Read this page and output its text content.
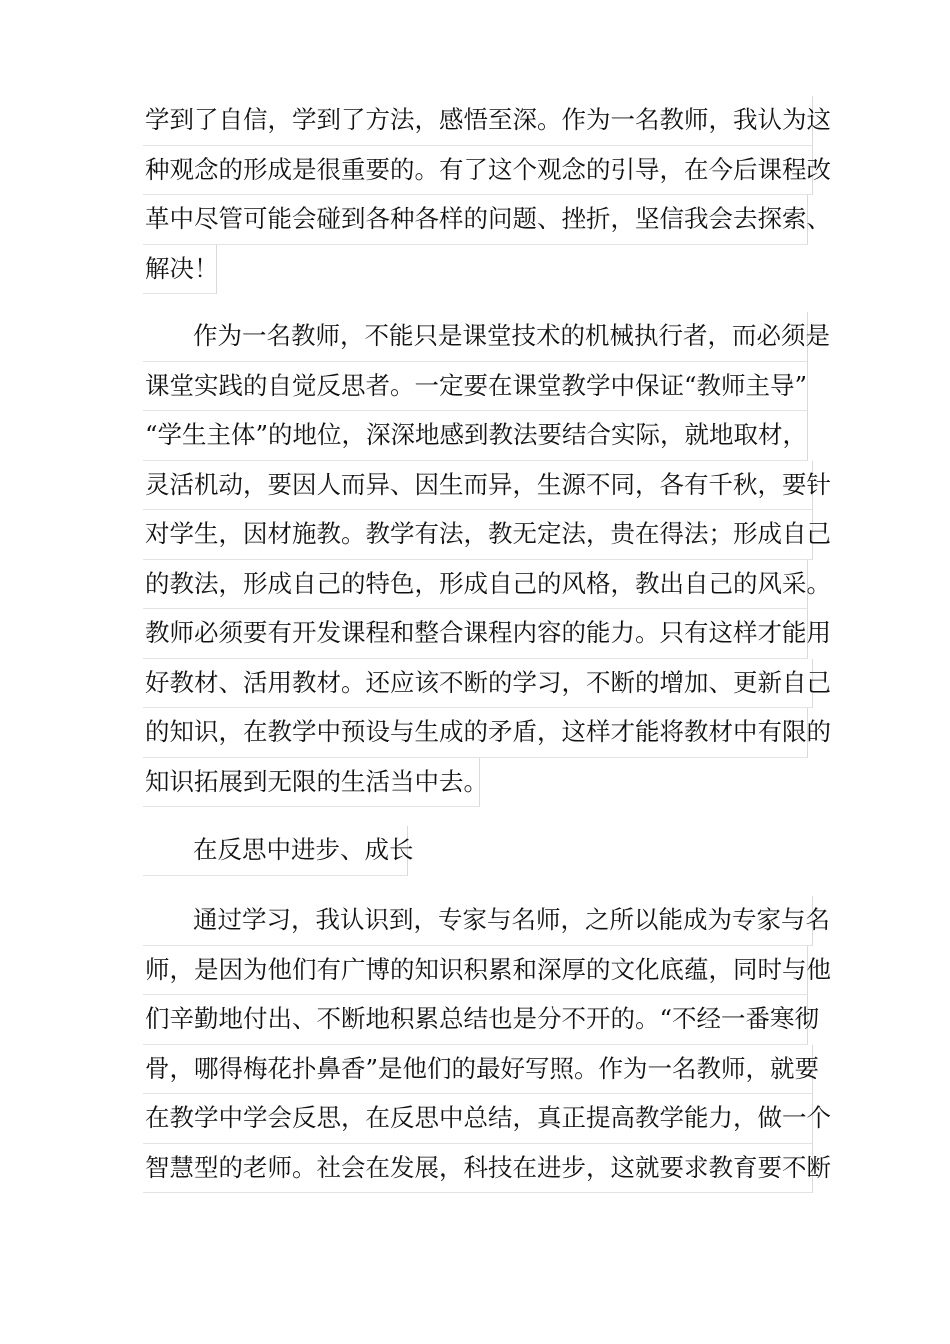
学到了自信，学到了方法，感悟至深。作为一名教师，我认为这
种观念的形成是很重要的。有了这个观念的引导，在今后课程改
革中尽管可能会碰到各种各样的问题、挫折，坚信我会去探索、
解决！
作为一名教师，不能只是课堂技术的机械执行者，而必须是
课堂实践的自觉反思者。一定要在课堂教学中保证“教师主导”
“学生主体”的地位，深深地感到教法要结合实际，就地取材，
灵活机动，要因人而异、因生而异，生源不同，各有千秋，要针
对学生，因材施教。教学有法，教无定法，贵在得法；形成自己
的教法，形成自己的特色，形成自己的风格，教出自己的风采。
教师必须要有开发课程和整合课程内容的能力。只有这样才能用
好教材、活用教材。还应该不断的学习，不断的增加、更新自己
的知识，在教学中预设与生成的矛盾，这样才能将教材中有限的
知识拓展到无限的生活当中去。
在反思中进步、成长
通过学习，我认识到，专家与名师，之所以能成为专家与名
师，是因为他们有广博的知识积累和深厚的文化底蕴，同时与他
们辛勤地付出、不断地积累总结也是分不开的。“不经一番寒彻
骨，哪得梅花扑鼻香”是他们的最好写照。作为一名教师，就要
在教学中学会反思，在反思中总结，真正提高教学能力，做一个
智慧型的老师。社会在发展，科技在进步，这就要求教育要不断
